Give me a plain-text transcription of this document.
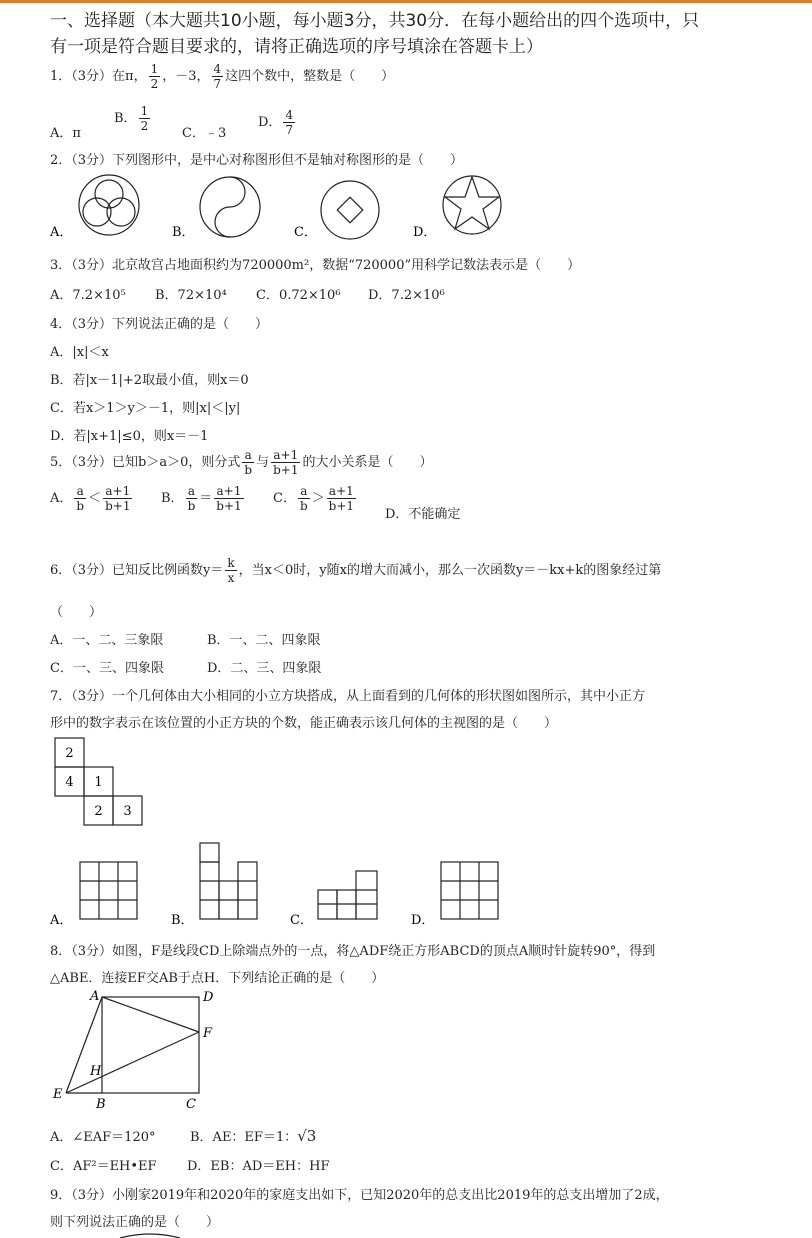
一、选择题（本大题共10小题，每小题3分，共30分．在每小题给出的四个选项中，只
有一项是符合题目要求的，请将正确选项的序号填涂在答题卡上）
1．（3分）在π， $\frac{1}{2}$ ，－3， $\frac{4}{7}$ 这四个数中，整数是（　　）
A．π
B． $\frac{1}{2}$
C．﹣3
D． $\frac{4}{7}$
2．（3分）下列图形中，是中心对称图形但不是轴对称图形的是（　　）
A．	B．	C．	D．
3．（3分）北京故宫占地面积约为720000m²，数据“720000”用科学记数法表示是（　　）
A．7.2×10⁵ B．72×10⁴ C．0.72×10⁶ D．7.2×10⁶
4．（3分）下列说法正确的是（　　）
A．|x|＜x
B．若|x－1|+2取最小值，则x＝0
C．若x＞1＞y＞－1，则|x|＜|y|
D．若|x+1|≤0，则x＝－1
5．（3分）已知b＞a＞0，则分式 $\frac{a}{b}$ 与 $\frac{a+1}{b+1}$ 的大小关系是（　　）
A． $\frac{a}{b} < \frac{a+1}{b+1}$ B． $\frac{a}{b} = \frac{a+1}{b+1}$ C． $\frac{a}{b} > \frac{a+1}{b+1}$
D．不能确定
6．（3分）已知反比例函数$y= \frac{k}{x}$ ，当x＜0时，y随x的增大而减小，那么一次函数y＝－kx+k的图象经过第
（　　）
A．一、二、三象限	B．一、二、四象限
C．一、三、四象限	D．二、三、四象限
7．（3分）一个几何体由大小相同的小立方块搭成，从上面看到的几何体的形状图如图所示，其中小正方
形中的数字表示在该位置的小正方块的个数，能正确表示该几何体的主视图的是（　　）
2
4 1
2 3
A．	B．	C．	D．
8．（3分）如图，F是线段CD上除端点外的一点，将△ADF绕正方形ABCD的顶点A顺时针旋转90°，得到
△ABE．连接EF交AB于点H．下列结论正确的是（　　）
A	D
F
H
E
B	C
A．∠EAF＝120°	B．AE：EF＝1：√3
C．AF²＝EH•EF D．EB：AD＝EH：HF
9．（3分）小刚家2019年和2020年的家庭支出如下，已知2020年的总支出比2019年的总支出增加了2成，
则下列说法正确的是（　　）
